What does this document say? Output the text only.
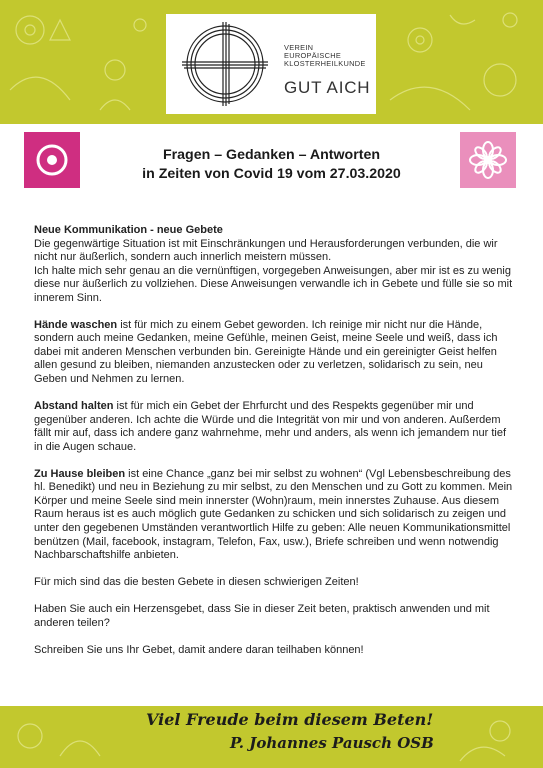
VEREIN
EUROPÄISCHE
KLOSTERHEILKUNDE
GUT AICH
Fragen – Gedanken – Antworten
in Zeiten von Covid 19 vom 27.03.2020

Neue Kommunikation - neue Gebete
Die gegenwärtige Situation ist mit Einschränkungen und Herausforderungen verbunden, die wir nicht nur äußerlich, sondern auch innerlich meistern müssen.
Ich halte mich sehr genau an die vernünftigen, vorgegeben Anweisungen, aber mir ist es zu wenig diese nur äußerlich zu vollziehen. Diese Anweisungen verwandle ich in Gebete und fülle sie so mit innerem Sinn.

Hände waschen ist für mich zu einem Gebet geworden. Ich reinige mir nicht nur die Hände, sondern auch meine Gedanken, meine Gefühle, meinen Geist, meine Seele und weiß, dass ich dabei mit anderen Menschen verbunden bin. Gereinigte Hände und ein gereinigter Geist helfen allen gesund zu bleiben, niemanden anzustecken oder zu verletzen, solidarisch zu sein, neu Geben und Nehmen zu lernen.

Abstand halten ist für mich ein Gebet der Ehrfurcht und des Respekts gegenüber mir und gegenüber anderen. Ich achte die Würde und die Integrität von mir und von anderen. Außerdem fällt mir auf, dass ich andere ganz wahrnehme, mehr und anders, als wenn ich jemandem nur tief in die Augen schaue.

Zu Hause bleiben ist eine Chance „ganz bei mir selbst zu wohnen“ (Vgl Lebensbeschreibung des hl. Benedikt) und neu in Beziehung zu mir selbst, zu den Menschen und zu Gott zu kommen. Mein Körper und meine Seele sind mein innerster (Wohn)raum, mein innerstes Zuhause. Aus diesem Raum heraus ist es auch möglich gute Gedanken zu schicken und sich solidarisch zu zeigen und unter den gegebenen Umständen verantwortlich Hilfe zu geben: Alle neuen Kommunikationsmittel benützen (Mail, facebook, instagram, Telefon, Fax, usw.), Briefe schreiben und wenn notwendig Nachbarschaftshilfe anbieten.

Für mich sind das die besten Gebete in diesen schwierigen Zeiten!

Haben Sie auch ein Herzensgebet, dass Sie in dieser Zeit beten, praktisch anwenden und mit anderen teilen?

Schreiben Sie uns Ihr Gebet, damit andere daran teilhaben können!

Viel Freude beim diesem Beten!
P. Johannes Pausch OSB
